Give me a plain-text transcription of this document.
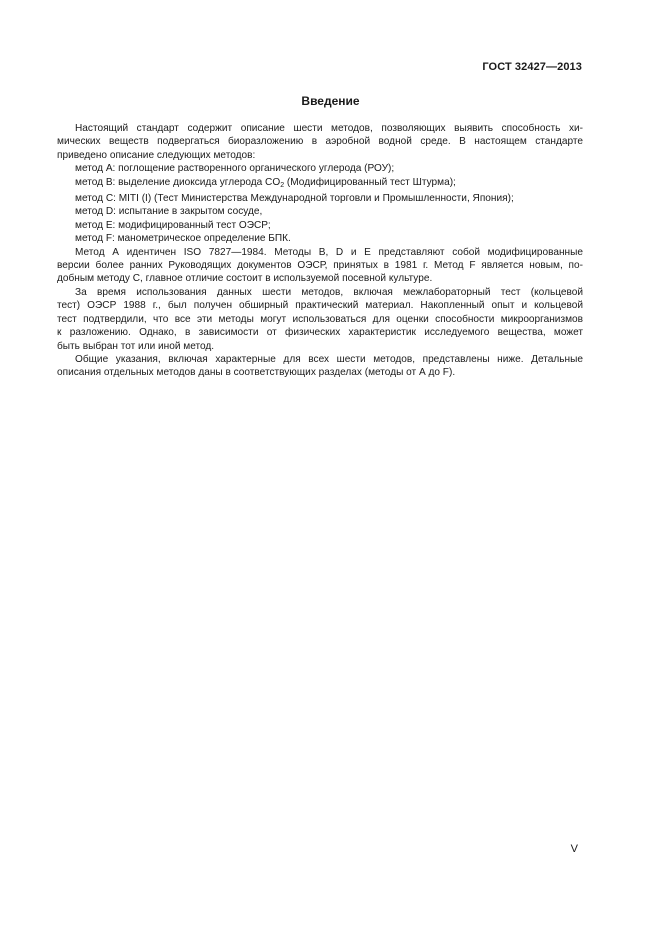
ГОСТ 32427—2013
Введение
Настоящий стандарт содержит описание шести методов, позволяющих выявить способность хи-
мических веществ подвергаться биоразложению в аэробной водной среде. В настоящем стандарте
приведено описание следующих методов:
метод А: поглощение растворенного органического углерода (РОУ);
метод В: выделение диоксида углерода $CO_2$ (Модифицированный тест Штурма);
метод С: MITI (I) (Тест Министерства Международной торговли и Промышленности, Япония);
метод D: испытание в закрытом сосуде,
метод Е: модифицированный тест ОЭСР;
метод F: манометрическое определение БПК.
Метод А идентичен ISO 7827—1984. Методы В, D и Е представляют собой модифицированные
версии более ранних Руководящих документов ОЭСР, принятых в 1981 г. Метод F является новым, по-
добным методу С, главное отличие состоит в используемой посевной культуре.
За время использования данных шести методов, включая межлабораторный тест (кольцевой
тест) ОЭСР 1988 г., был получен обширный практический материал. Накопленный опыт и кольцевой
тест подтвердили, что все эти методы могут использоваться для оценки способности микроорганизмов
к разложению. Однако, в зависимости от физических характеристик исследуемого вещества, может
быть выбран тот или иной метод.
Общие указания, включая характерные для всех шести методов, представлены ниже. Детальные
описания отдельных методов даны в соответствующих разделах (методы от А до F).
V
